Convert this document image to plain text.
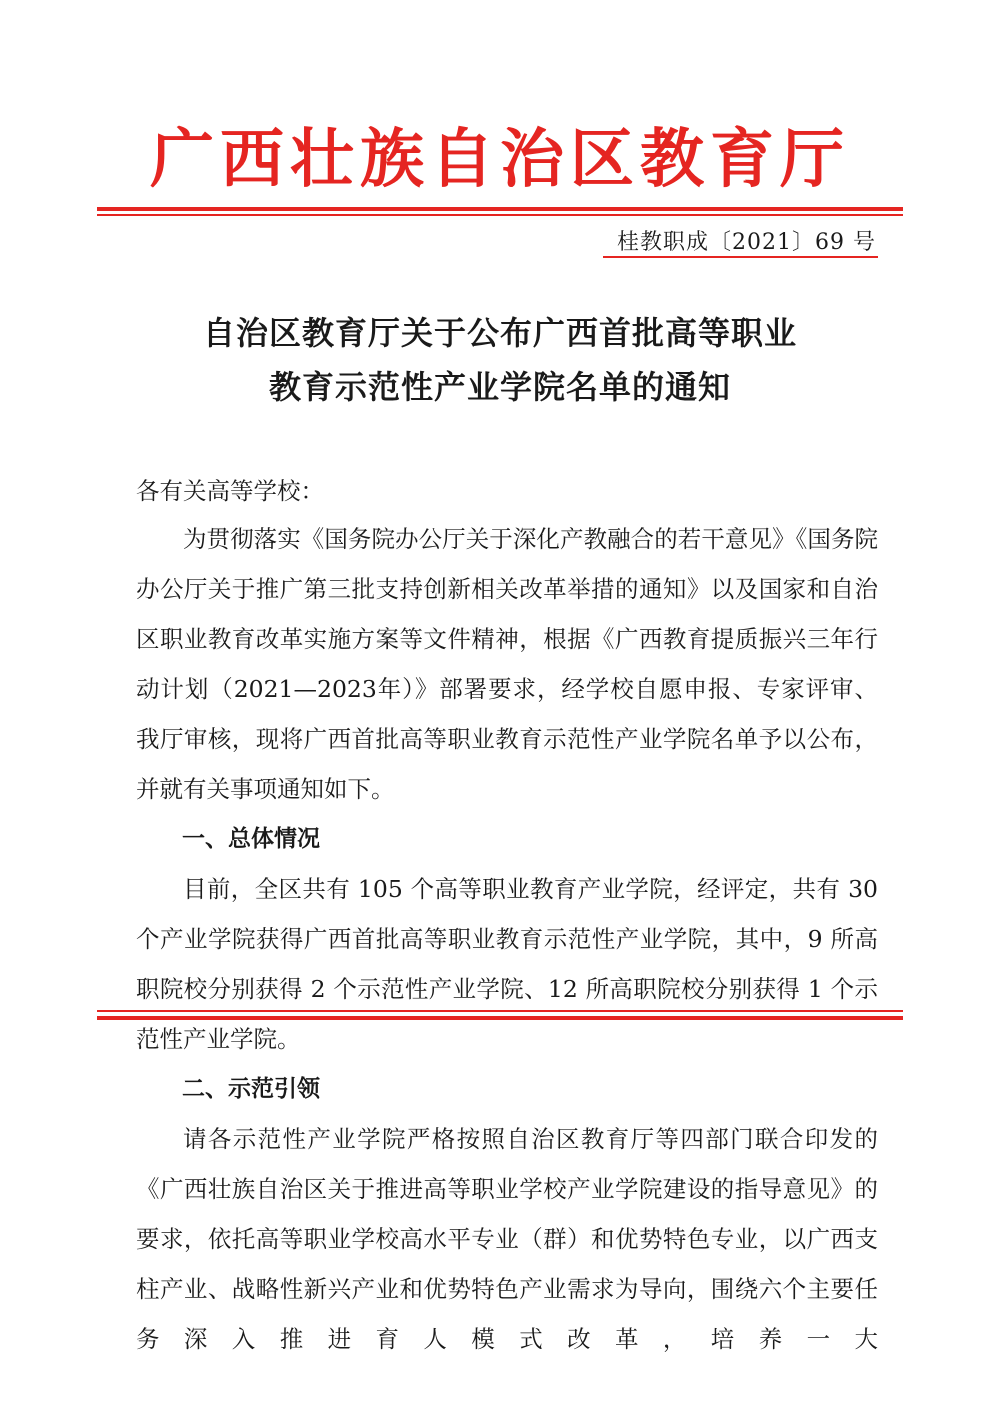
广西壮族自治区教育厅
桂教职成〔2021〕69 号
自治区教育厅关于公布广西首批高等职业
教育示范性产业学院名单的通知
各有关高等学校：

为贯彻落实《国务院办公厅关于深化产教融合的若干意见》《国务院办公厅关于推广第三批支持创新相关改革举措的通知》以及国家和自治区职业教育改革实施方案等文件精神，根据《广西教育提质振兴三年行动计划（2021—2023年）》部署要求，经学校自愿申报、专家评审、我厅审核，现将广西首批高等职业教育示范性产业学院名单予以公布，并就有关事项通知如下。

一、总体情况

目前，全区共有 105 个高等职业教育产业学院，经评定，共有 30 个产业学院获得广西首批高等职业教育示范性产业学院，其中，9 所高职院校分别获得 2 个示范性产业学院、12 所高职院校分别获得 1 个示范性产业学院。

二、示范引领

请各示范性产业学院严格按照自治区教育厅等四部门联合印发的《广西壮族自治区关于推进高等职业学校产业学院建设的指导意见》的要求，依托高等职业学校高水平专业（群）和优势特色专业，以广西支柱产业、战略性新兴产业和优势特色产业需求为导向，围绕六个主要任务深入推进育人模式改革，培养一大
